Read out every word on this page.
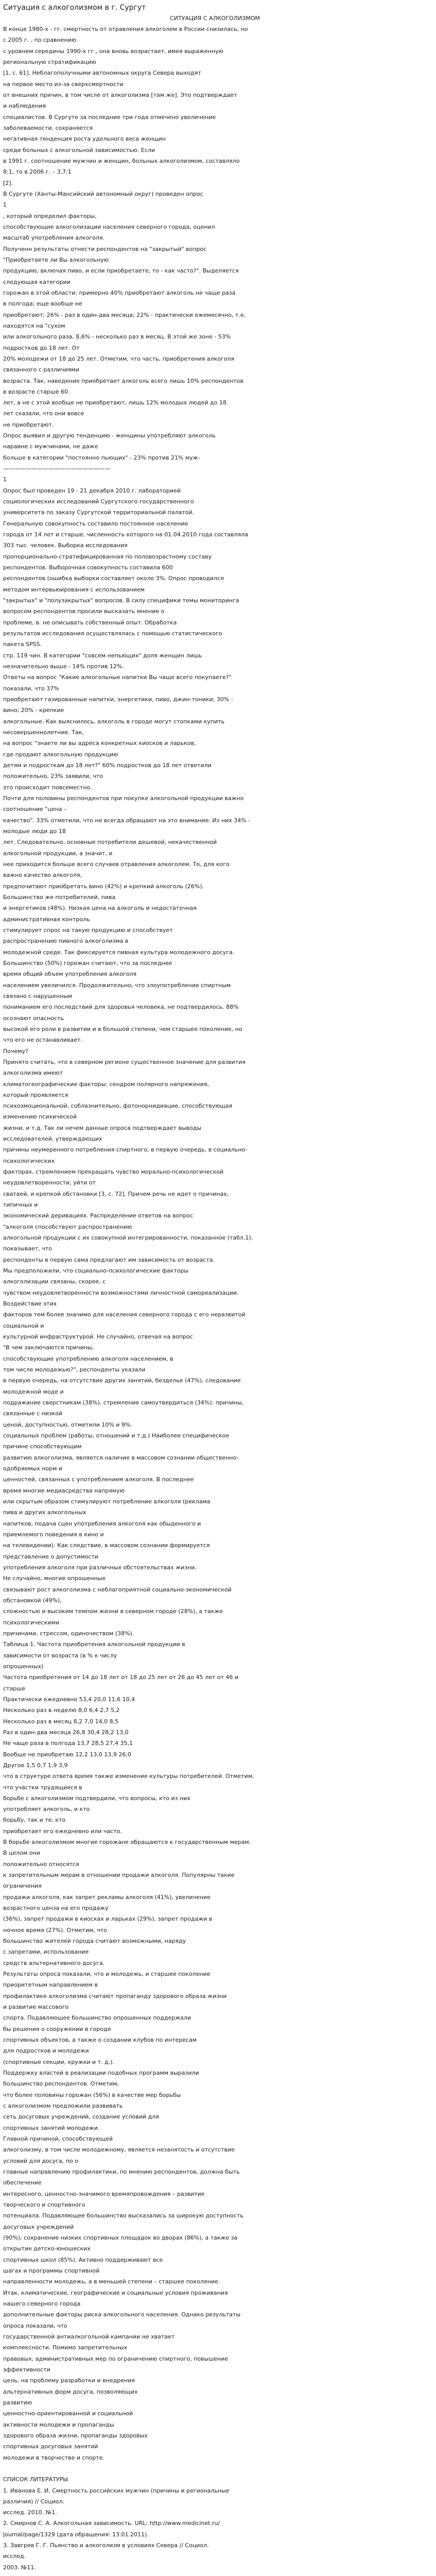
Ситуация с алкоголизмом в г. Сургут

СИТУАЦИЯ С АЛКОГОЛИЗМОМ

В конце 1980-х - гг. смертность от отравления алкоголем в России снизилась, но

с 2005 г. , по сравнению

с уровнем середины 1990-х гг., она вновь возрастает, имея выраженную

региональную стратификацию

[1, с. 61]. Неблагополучными автономных округа Севера выходят

на первое место из-за сверхсмертности

от внешних причин, в том числе от алкоголизма [там же]. Это подтверждает

и наблюдения

специалистов. В Сургуте за последние три года отмечено увеличение

заболеваемости, сохраняется

негативная тенденция роста удельного веса женщин

среди больных с алкогольной зависимостью. Если

в 1991 г. соотношение мужчин и женщин, больных алкоголизмом, составляло

8:1, то в 2006 г. – 3,7:1

[2].

В Сургуте (Ханты-Мансийский автономный округ) проведен опрос

1

, который определил факторы,

способствующие алкоголизации населения северного города, оценил

масштаб употребления алкоголя.

Полученн результаты отнести респондентов на "закрытый" вопрос

"Приобретаете ли Вы алкогольную

продукцию, включая пиво, и если приобретаете, то - как часто?". Выделяется

следующая категории

горожан в этой области: примерно 40% приобретают алкоголь не чаще раза

в полгода; еще вообще не

приобретают; 26% - раз в один-два месяца; 22% - практически ежемесячно, т.е.

находятся на "сухом

или алкогольного раза, 8,6% - несколько раз в месяц. В этой же зоне - 53%

подростков до 18 лет. От

20% молодежи от 18 до 25 лет. Отметим, что часть, приобретения алкоголя

связанного с различиями

возраста. Так, наведение приобретает алкоголь всего лишь 10% респондентов

в возрасте старше 60

лет, а не с этой вообще не приобретают, лишь 12% молодых людей до 18

лет сказали, что они вовсе

не приобретают.

Опрос выявил и другую тенденцию - женщины употребляют алкоголь

наравне с мужчинами, не даже

больше в категории "постоянно пьющих" - 23% против 21% муж-

———————————————————

1

Опрос был проведен 19 - 21 декабря 2010 г. лабораторией

социологических исследований Сургутского государственного

университета по заказу Сургутской территориальной палатой.

Генеральную совокупность составило постоянное население

города от 14 лет и старше, численность которого на 01.04.2010 года составляла

303 тыс. человек. Выборка исследования

пропорционально-стратифицированная по половозрастному составу

респондентов. Выборочная совокупность составила 600

респондентов (ошибка выборки составляет около 3%. Опрос проводился

методом интервьюирования с использованием

"закрытых" и "полузакрытых" вопросов. В силу специфики темы мониторинга

вопросом респондентов просили высказать мнение о

проблеме, в. не описывать собственный опыт. Обработка

результатов исследования осуществлялась с помощью статистического

пакета SPSS.

стр. 119 чин. В категории "совсем непьющих" доля женщин лишь

незначительно выше - 14% против 12%.

Ответы на вопрос "Какие алкогольные напитки Вы чаще всего покупаете?"

показали, что 37%

приобретают газированные напитки, энергетики, пиво, джин-тоники; 30% -

вино; 20% - крепкие

алкогольные. Как выяснилось, алкоголь в городе могут стопками купить

несовершеннолетние. Так,

на вопрос "знаете ли вы адреса конкретных киосков и ларьков,

где продают алкогольную продукцию

детям и подросткам до 18 лет?" 60% подростков до 18 лет ответили

положительно, 23% заявили, что

это происходит повсеместно.

Почти для половины респондентов при покупке алкогольной продукции важно

соотношение "цена –

качество". 33% отметили, что не всегда обращают на это внимание. Из них 34% -

молодые люди до 18

лет. Следовательно, основные потребители дешевой, некачественной

алкогольной продукции, а значит, и

нее приходится больше всего случаев отравления алкоголем. То, для кого

важно качество алкоголя,

предпочитают приобретать вино (42%) и крепкий алкоголь (26%).

Большинство же потребителей, пива

и энергетиков (48%). Низкая цена на алкоголь и недостаточная

административная контроль

стимулирует спрос на такую продукцию и способствует

распространению пивного алкоголизма в

молодежной среде. Так фиксируется пивная культура молодежного досуга.

Большинство (50%) горожан считают, что за последнее

время общий объем употребления алкоголя

населением увеличился. Продолжительно, что злоупотребление спиртным

связано с нарушенным

пониманием его последствий для здоровья человека, не подтвердилось. 88%

осознают опасность

высокой его роли в развитии и в большой степени, чем старшее поколение, но

что его не останавливает.

Почему?

Принято считать, что в северном регионе существенное значение для развития

алкоголизма имеют

климатогеографические факторы: сендром полярного напряжения,

который проявляется

психоэмоциональной, соблазнительно, фотонорнидиацие, способствующая

изменению психической

жизни, и т.д. Так ли нечем данные опроса подтверждает выводы

исследователей, утверждающих

причины неумеренного потребления спиртного, в первую очередь, в социально-

психологических

факторах, стремлением прекращать чувство морально-психологической

неудовлетворенности, уйти от

сватаей, и крепкой обстановки [3, с. 72]. Причем речь не идет о причинах,

типичных и

экономический деривациях. Распределение ответов на вопрос

"алкоголя способствуют распространению

алкогольной продукции с их совокупной интегрированности, показанное (табл.1).

показывает, что

респонденты в первую сама предлагают им зависимость от возраста.

Мы предположили, что социально-психологические факторы

алкоголизации связаны, скорее, с

чувством неудовлетворенности возможностями личностной самореализации.

Воздействие этих

факторов тем более значимо для населения северного города с его неразвитой

социальной и

культурной инфраструктурой. Не случайно, отвечая на вопрос

"В чем заключаются причины,

способствующие употреблению алкоголя населением, в

том числе молодежью?", респонденты указали

в первую очередь, на отсутствие других занятий, безделье (47%), следование

молодежной моде и

подражание сверстникам (38%), стремление самоутвердиться (34%): причины,

связанные с низкой

ценой, доступностью, отметили 10% и 9%.

социальных проблем (работы, отношений и т.д.) Наиболее специфическое

причине способствующим

развитию алкоголизма, является наличие в массовом сознании общественно-

одобряемых норм и

ценностей, связанных с употреблением алкоголя. В последнее

время многие медиасредства напрямую

или скрытым образом стимулируют потребление алкоголя (реклама

пива и других алкогольных

напитков, подача сцен употребления алкоголя как обыденного и

приемлемого поведения в кино и

на телевидении). Как следствие, в массовом сознании формируется

представление о допустимости

употребления алкоголя при различных обстоятельствах жизни.

Не случайно, многие опрошенные

связывают рост алкоголизма с неблагоприятной социально-экономической

обстановкой (49%),

сложностью и высоким темпом жизни в северном городе (28%), а также

психологическими

причинами, стрессом, одиночеством (38%).

Таблица 1. Частота приобретения алкогольной продукции в

зависимости от возраста (в % к числу

опрошенных)

Частота приобретения от 14 до 18 лет от 18 до 25 лет от 26 до 45 лет от 46 и

старше

Практически ежедневно 53,4 20,0 11,6 10,4

Несколько раз в неделю 8,0 6,4 2,7 5,2

Несколько раз в месяц 8,2 7,0 14,0 8,5

Раз в один-два месяца 26,8 30,4 28,2 13,0

Не чаще раза в полгода 13,7 28,5 27,4 35,1

Вообще не приобретаю 12,2 13,0 13,9 26,0

Другое 1,5 0,7 1,9 3,9

что в структуре ответа время также изменение культуры потребителей. Отметим,

что участки трудящиеся в

борьбе с алкоголизмом подтвердили, что вопросы, кто из них

употребляет алкоголь, и кто

борьбу, так и те, кто

приобретает его ежедневно или часто.

В борьбе алкоголизмом многие горожане обращаются к государственным мерам.

В целом они

положительно относятся

к запретительным мерам в отношении продажи алкоголя. Популярны такие

ограничения

продажи алкоголя, как запрет рекламы алкоголя (41%), увеличение

возрастного ценза на его продажу

(36%), запрет продажи в киосках и ларьках (29%), запрет продажи в

ночное время (27%). Отметим, что

большинство жителей города считают возможными, наряду

с запретами, использование

средств альтернативного досуга.

Результаты опроса показали, что и молодежь, и старшее поколение

приоритетным направлением в

профилактике алкоголизма считают пропаганду здорового образа жизни

и развитие массового

спорта. Подавляющее большинство опрошенных поддержали

бы решения о сооружении в городе

спортивных объектов, а также о создании клубов по интересам

для подростков и молодежи

(спортивные секции, кружки и т. д.).

Поддержку властей в реализации подобных программ выразили

большинство респондентов. Отметим,

что более половины горожан (56%) в качестве мер борьбы

с алкоголизмом предложили развивать

сеть досуговых учреждений, создание условий для

спортивных занятий молодежи.

Главной причиной, способствующей

алкоголизму, в том числе молодежному, является незанятость и отсутствие

условий для досуга, по о

главные направлению профилактики, по мнению респондентов, должна быть

обеспечение

интересного, ценностно-значимого времяпровождения – развитие

творческого и спортивного

потенциала. Подавляющее большинство высказались за широкую доступность

досуговых учреждений

(90%); сохранение низких спортивных площадок во дворах (86%), а также за

открытие детско-юношеских

спортивных школ (85%). Активно поддерживают все

шагах и программы спортивной

направленности молодежь, а в меньшей степени – старшее поколение.

Итак, климатические, географические и социальные условия проживания

нашего северного города

дополнительные факторы риска алкогольного населения. Однако результаты

опроса показали, что

государственной антиалкогольной кампании не хватает

комплексности. Помимо запретительных

правовых, административных мер по ограничению спиртного, повышение

эффективности

цель, на проблему разработки и внедрения

альтернативных форм досуга, позволяющих

развитию

ценностно-ориентированной и социальной

активности молодежи и пропаганды

здорового образа жизни, пропаганды здоровых

спортивных досуговых занятий

молодежи в творчестве и спорте.

СПИСОК ЛИТЕРАТУРЫ

1. Иванова Е. И. Смертность российских мужчин (причины и региональные

различия) // Социол.

исслед. 2010. №1.

2. Смирнов С. А. Алкогольная зависимость. URL: http://www.medicinet.ru/

journal/page/1329 (дата обращения: 13.01.2011).

3. Завгрев Г. Г. Пьянство и алкоголизм в условиях Севера // Социол.

исслед.

2003. №11.
